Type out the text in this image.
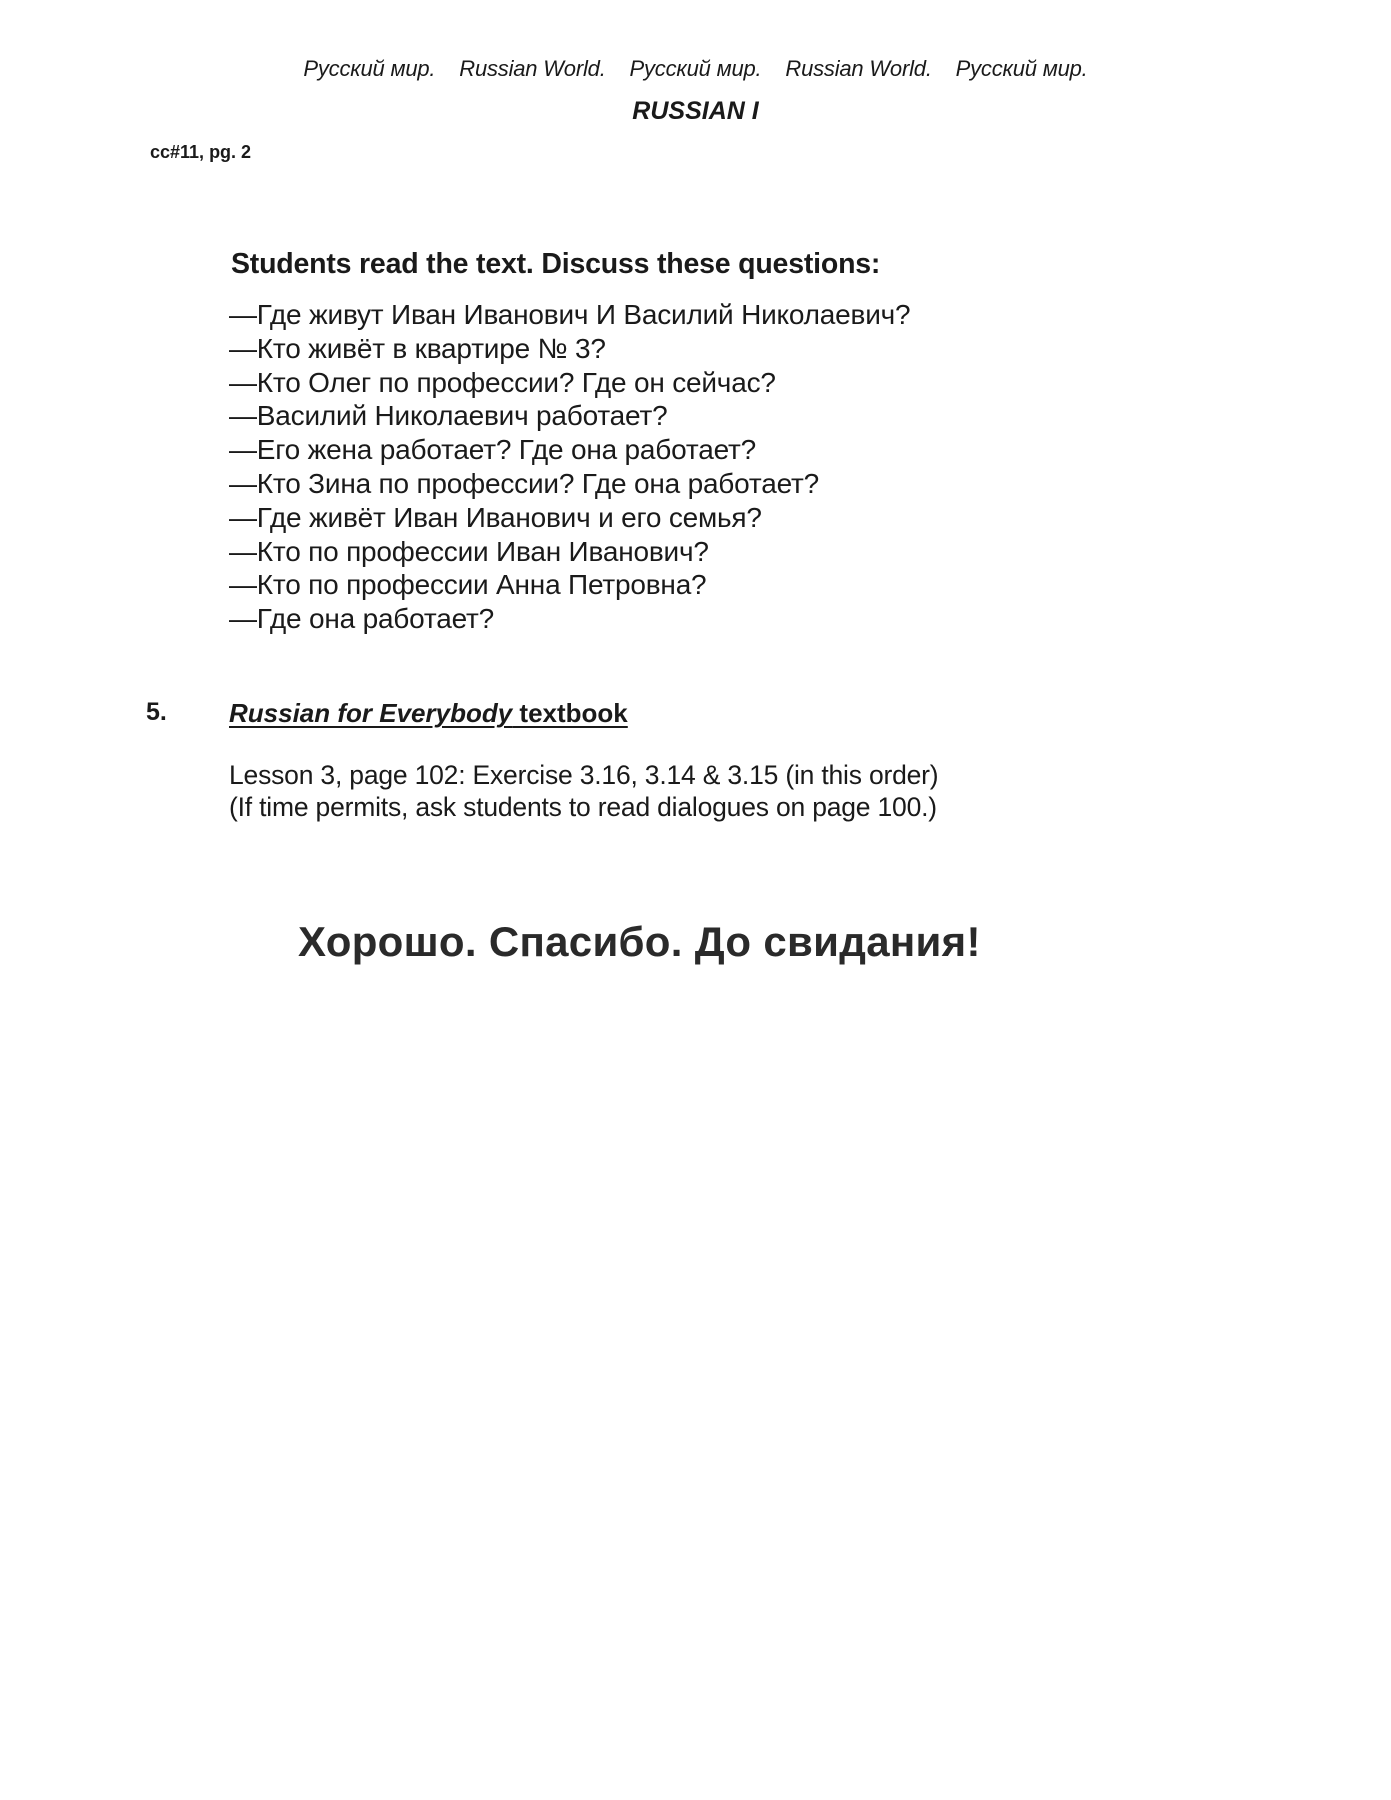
Русский мир. Russian World. Русский мир. Russian World. Русский мир.
RUSSIAN I
cc#11, pg. 2
Students read the text. Discuss these questions:
—Где живут Иван Иванович И Василий Николаевич?
—Кто живёт в квартире № 3?
—Кто Олег по профессии? Где он сейчас?
—Василий Николаевич работает?
—Его жена работает? Где она работает?
—Кто Зина по профессии? Где она работает?
—Где живёт Иван Иванович и его семья?
—Кто по профессии Иван Иванович?
—Кто по профессии Анна Петровна?
—Где она работает?
5. Russian for Everybody textbook
Lesson 3, page 102: Exercise 3.16, 3.14 & 3.15 (in this order)
(If time permits, ask students to read dialogues on page 100.)
Хорошо. Спасибо. До свидания!
